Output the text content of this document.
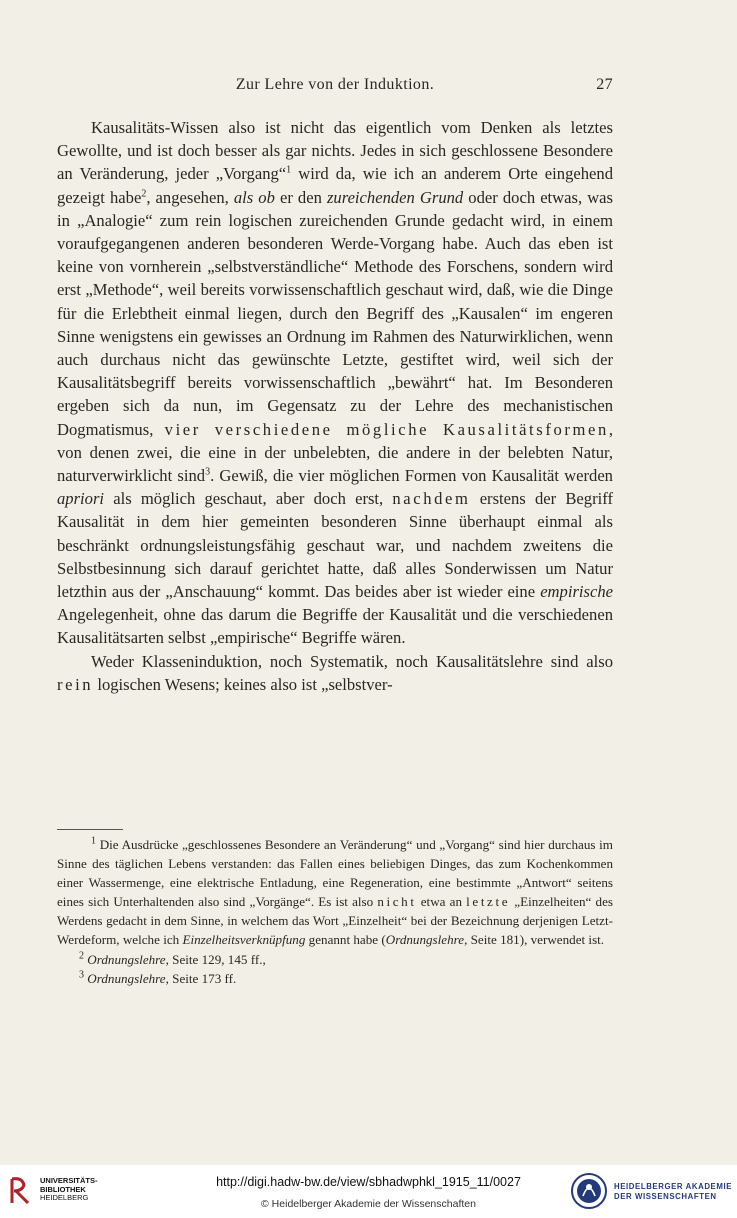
Zur Lehre von der Induktion.	27

Kausalitäts-Wissen also ist nicht das eigentlich vom Denken als letztes Gewollte, und ist doch besser als gar nichts. Jedes in sich geschlossene Besondere an Veränderung, jeder „Vorgang“$^1$ wird da, wie ich an anderem Orte eingehend gezeigt habe$^2$, angesehen, als ob er den zureichenden Grund oder doch etwas, was in „Analogie“ zum rein logischen zureichenden Grunde gedacht wird, in einem voraufgegangenen anderen besonderen Werde-Vorgang habe. Auch das eben ist keine von vornherein „selbstverständliche“ Methode des Forschens, sondern wird erst „Methode“, weil bereits vorwissenschaftlich geschaut wird, daß, wie die Dinge für die Erlebtheit einmal liegen, durch den Begriff des „Kausalen“ im engeren Sinne wenigstens ein gewisses an Ordnung im Rahmen des Naturwirklichen, wenn auch durchaus nicht das gewünschte Letzte, gestiftet wird, weil sich der Kausalitätsbegriff bereits vorwissenschaftlich „bewährt“ hat. Im Besonderen ergeben sich da nun, im Gegensatz zu der Lehre des mechanistischen Dogmatismus, vier verschiedene mögliche Kausalitätsformen, von denen zwei, die eine in der unbelebten, die andere in der belebten Natur, naturverwirklicht sind$^3$. Gewiß, die vier möglichen Formen von Kausalität werden apriori als möglich geschaut, aber doch erst, nachdem erstens der Begriff Kausalität in dem hier gemeinten besonderen Sinne überhaupt einmal als beschränkt ordnungsleistungsfähig geschaut war, und nachdem zweitens die Selbstbesinnung sich darauf gerichtet hatte, daß alles Sonderwissen um Natur letzthin aus der „Anschauung“ kommt. Das beides aber ist wieder eine empirische Angelegenheit, ohne das darum die Begriffe der Kausalität und die verschiedenen Kausalitätsarten selbst „empirische“ Begriffe wären.

Weder Klasseninduktion, noch Systematik, noch Kausalitätslehre sind also rein logischen Wesens; keines also ist „selbstver-

$^1$ Die Ausdrücke „geschlossenes Besondere an Veränderung“ und „Vorgang“ sind hier durchaus im Sinne des täglichen Lebens verstanden: das Fallen eines beliebigen Dinges, das zum Kochenkommen einer Wassermenge, eine elektrische Entladung, eine Regeneration, eine bestimmte „Antwort“ seitens eines sich Unterhaltenden also sind „Vorgänge“. Es ist also nicht etwa an letzte „Einzelheiten“ des Werdens gedacht in dem Sinne, in welchem das Wort „Einzelheit“ bei der Bezeichnung derjenigen Letzt-Werdeform, welche ich Einzelheitsverknüpfung genannt habe (Ordnungslehre, Seite 181), verwendet ist.

$^2$ Ordnungslehre, Seite 129, 145 ff.,

$^3$ Ordnungslehre, Seite 173 ff.

UNIVERSITÄTS-
BIBLIOTHEK
HEIDELBERG
http://digi.hadw-bw.de/view/sbhadwphkl_1915_11/0027
© Heidelberger Akademie der Wissenschaften
HEIDELBERGER AKADEMIE
DER WISSENSCHAFTEN
